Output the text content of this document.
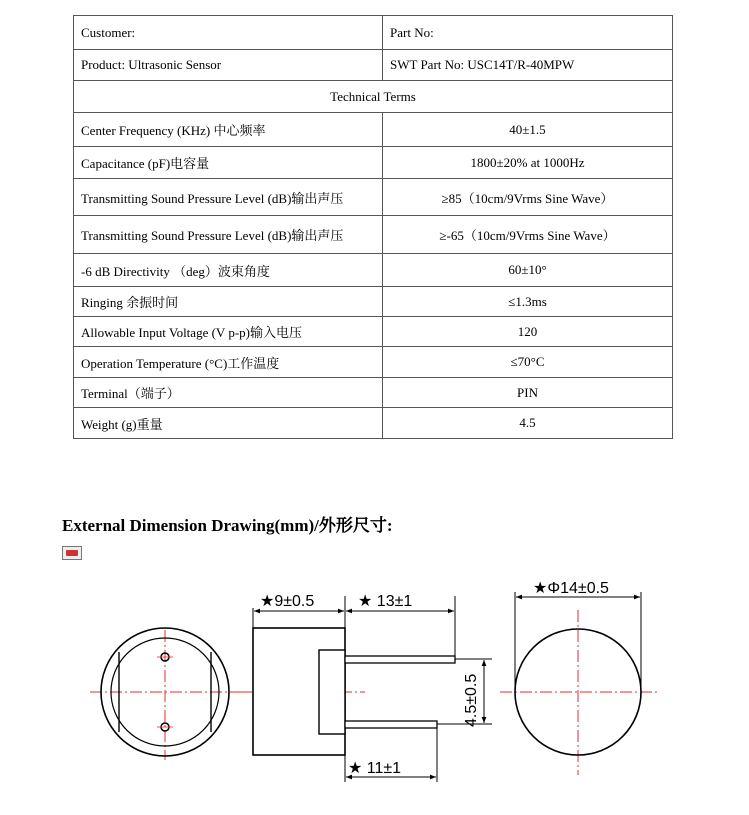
Customer:	Part No:
Product: Ultrasonic Sensor	SWT Part No: USC14T/R-40MPW
Technical Terms	
Center Frequency (KHz) 中心频率	40±1.5
Capacitance (pF)电容量	1800±20% at 1000Hz
Transmitting Sound Pressure Level (dB)输出声压	≥85（10cm/9Vrms Sine Wave）
Transmitting Sound Pressure Level (dB)输出声压	≥-65（10cm/9Vrms Sine Wave）
-6 dB Directivity （deg）波束角度	60±10°
Ringing 余振时间	≤1.3ms
Allowable Input Voltage (V p-p)输入电压	120
Operation Temperature (°C)工作温度	≤70°C
Terminal（端子）	PIN
Weight (g)重量	4.5
External Dimension Drawing(mm)/外形尺寸:
★9±0.5	★ 13±1
★ 11±1
4.5±0.5
★Φ14±0.5
